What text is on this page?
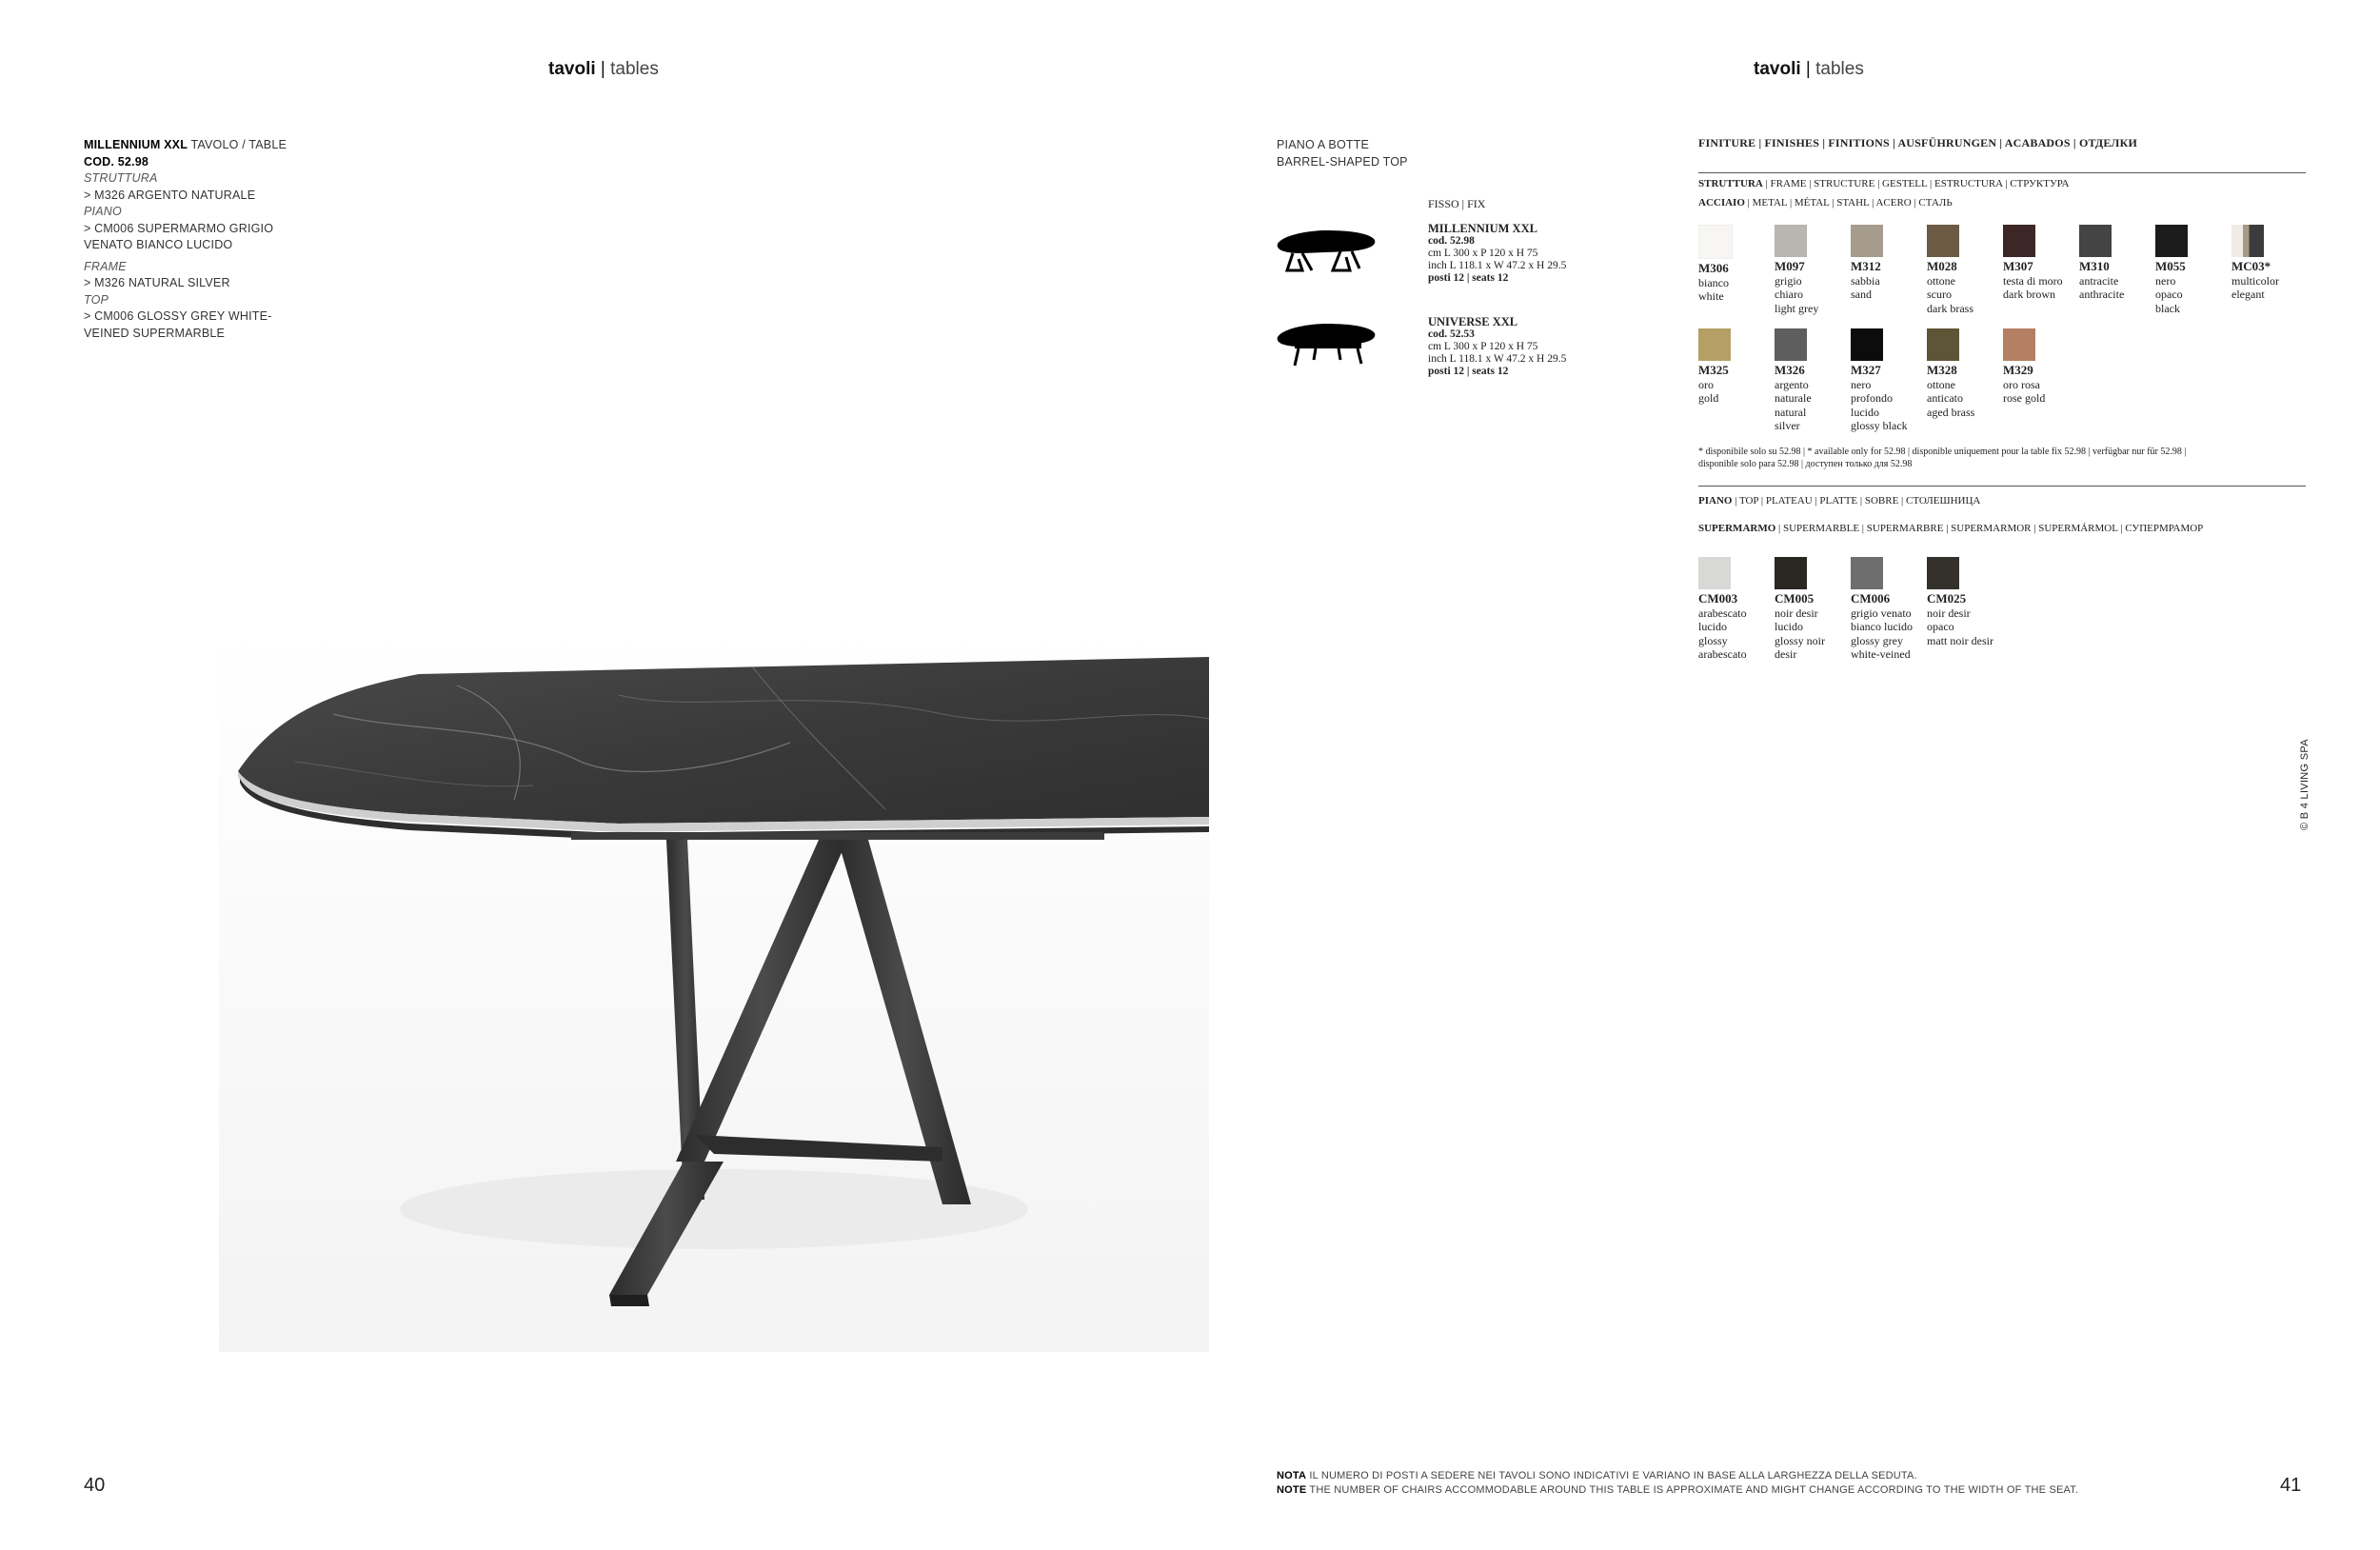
tavoli | tables	tavoli | tables
MILLENNIUM XXL TAVOLO / TABLE
COD. 52.98
STRUTTURA
> M326 ARGENTO NATURALE
PIANO
> CM006 SUPERMARMO GRIGIO
VENATO BIANCO LUCIDO
FRAME
> M326 NATURAL SILVER
TOP
> CM006 GLOSSY GREY WHITE-
VEINED SUPERMARBLE
PIANO A BOTTE
BARREL-SHAPED TOP
FISSO | FIX
MILLENNIUM XXL
cod. 52.98
cm L 300 x P 120 x H 75
inch L 118.1 x W 47.2 x H 29.5
posti 12 | seats 12
UNIVERSE XXL
cod. 52.53
cm L 300 x P 120 x H 75
inch L 118.1 x W 47.2 x H 29.5
posti 12 | seats 12
FINITURE | FINISHES | FINITIONS | AUSFÜHRUNGEN | ACABADOS | ОТДЕЛКИ
STRUTTURA | FRAME | STRUCTURE | GESTELL | ESTRUCTURA | СТРУКТУРА
ACCIAIO | METAL | MÉTAL | STAHL | ACERO | СТАЛЬ
M306
bianco
white
M097
grigio
chiaro
light grey
M312
sabbia
sand
M028
ottone
scuro
dark brass
M307
testa di moro
dark brown
M310
antracite
anthracite
M055
nero
opaco
black
MC03*
multicolor
elegant
M325
oro
gold
M326
argento
naturale
natural
silver
M327
nero
profondo
lucido
glossy black
M328
ottone
anticato
aged brass
M329
oro rosa
rose gold
* disponibile solo su 52.98 | * available only for 52.98 | disponible uniquement pour la table fix 52.98 | verfügbar nur für 52.98 |
disponible solo para 52.98 | доступен только для 52.98
PIANO | TOP | PLATEAU | PLATTE | SOBRE | СТОЛЕШНИЦА
SUPERMARMO | SUPERMARBLE | SUPERMARBRE | SUPERMARMOR | SUPERMÁRMOL | СУПЕРМРАМОР
CM003
arabescato
lucido
glossy
arabescato
CM005
noir desir
lucido
glossy noir
desir
CM006
grigio venato
bianco lucido
glossy grey
white-veined
CM025
noir desir opaco
matt noir desir
NOTA IL NUMERO DI POSTI A SEDERE NEI TAVOLI SONO INDICATIVI E VARIANO IN BASE ALLA LARGHEZZA DELLA SEDUTA.
NOTE THE NUMBER OF CHAIRS ACCOMMODABLE AROUND THIS TABLE IS APPROXIMATE AND MIGHT CHANGE ACCORDING TO THE WIDTH OF THE SEAT.
40	41
© B 4 LIVING SPA
